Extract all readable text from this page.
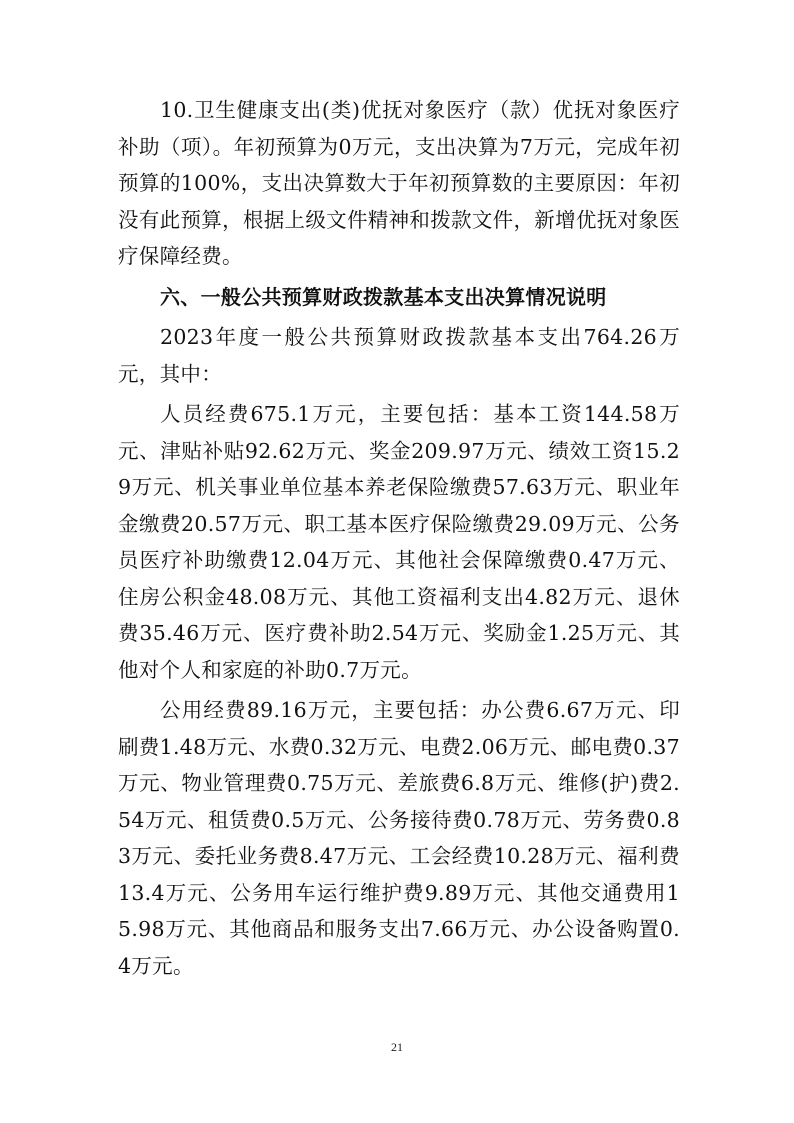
10.卫生健康支出(类)优抚对象医疗（款）优抚对象医疗补助（项）。年初预算为0万元，支出决算为7万元，完成年初预算的100%，支出决算数大于年初预算数的主要原因：年初没有此预算，根据上级文件精神和拨款文件，新增优抚对象医疗保障经费。

六、一般公共预算财政拨款基本支出决算情况说明

2023年度一般公共预算财政拨款基本支出764.26万元，其中：

人员经费675.1万元，主要包括：基本工资144.58万元、津贴补贴92.62万元、奖金209.97万元、绩效工资15.29万元、机关事业单位基本养老保险缴费57.63万元、职业年金缴费20.57万元、职工基本医疗保险缴费29.09万元、公务员医疗补助缴费12.04万元、其他社会保障缴费0.47万元、住房公积金48.08万元、其他工资福利支出4.82万元、退休费35.46万元、医疗费补助2.54万元、奖励金1.25万元、其他对个人和家庭的补助0.7万元。

公用经费89.16万元，主要包括：办公费6.67万元、印刷费1.48万元、水费0.32万元、电费2.06万元、邮电费0.37万元、物业管理费0.75万元、差旅费6.8万元、维修(护)费2.54万元、租赁费0.5万元、公务接待费0.78万元、劳务费0.83万元、委托业务费8.47万元、工会经费10.28万元、福利费13.4万元、公务用车运行维护费9.89万元、其他交通费用15.98万元、其他商品和服务支出7.66万元、办公设备购置0.4万元。

21
